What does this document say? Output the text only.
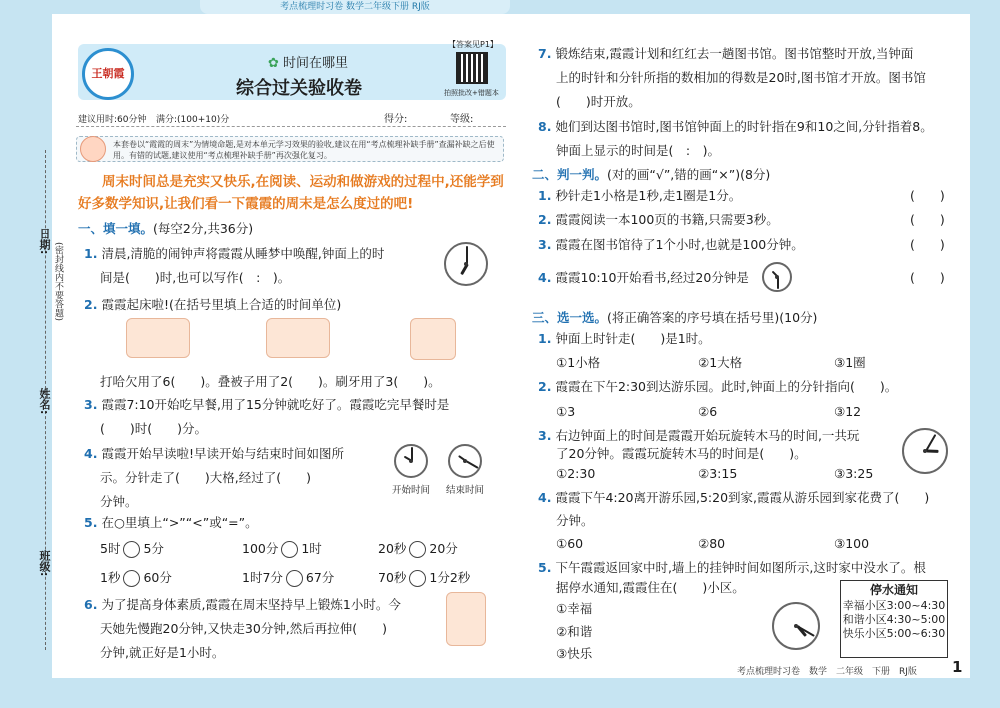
考点梳理时习卷 数学二年级下册 RJ版
王朝霞
✿ 时间在哪里
综合过关验收卷
【答案见P1】
拍照批改+错题本
建议用时:60分钟 满分:(100+10)分	得分:	等级:
本套卷以“霞霞的周末”为情境命题,是对本单元学习效果的验收,建议在用“考点梳理补缺手册”查漏补缺之后使用。有错的试题,建议使用“考点梳理补缺手册”再次强化复习。
日期:
(密封线内不要答题)
姓名:
班级:
周末时间总是充实又快乐,在阅读、运动和做游戏的过程中,还能学到
好多数学知识,让我们看一下霞霞的周末是怎么度过的吧!
一、填一填。(每空2分,共36分)
1. 清晨,清脆的闹钟声将霞霞从睡梦中唤醒,钟面上的时
间是(　　)时,也可以写作(　:　)。
2. 霞霞起床啦!(在括号里填上合适的时间单位)
打哈欠用了6(　　)。叠被子用了2(　　)。刷牙用了3(　　)。
3. 霞霞7:10开始吃早餐,用了15分钟就吃好了。霞霞吃完早餐时是
(　　)时(　　)分。
4. 霞霞开始早读啦!早读开始与结束时间如图所
示。分针走了(　　)大格,经过了(　　)
分钟。
开始时间 结束时间
5. 在○里填上“>”“<”或“=”。
5时 5分	100分 1时	20秒 20分
1秒 60分	1时7分 67分	70秒 1分2秒
6. 为了提高身体素质,霞霞在周末坚持早上锻炼1小时。今
天她先慢跑20分钟,又快走30分钟,然后再拉伸(　　)
分钟,就正好是1小时。
7. 锻炼结束,霞霞计划和红红去一趟图书馆。图书馆整时开放,当钟面
上的时针和分针所指的数相加的得数是20时,图书馆才开放。图书馆
(　　)时开放。
8. 她们到达图书馆时,图书馆钟面上的时针指在9和10之间,分针指着8。
钟面上显示的时间是(　:　)。
二、判一判。(对的画“√”,错的画“×”)(8分)
1. 秒针走1小格是1秒,走1圈是1分。	(　　)
2. 霞霞阅读一本100页的书籍,只需要3秒。	(　　)
3. 霞霞在图书馆待了1个小时,也就是100分钟。	(　　)
4. 霞霞10:10开始看书,经过20分钟是	(　　)
三、选一选。(将正确答案的序号填在括号里)(10分)
1. 钟面上时针走(　　)是1时。
①1小格	②1大格	③1圈
2. 霞霞在下午2:30到达游乐园。此时,钟面上的分针指向(　　)。
①3	②6	③12
3. 右边钟面上的时间是霞霞开始玩旋转木马的时间,一共玩
了20分钟。霞霞玩旋转木马的时间是(　　)。
①2:30	②3:15	③3:25
4. 霞霞下午4:20离开游乐园,5:20到家,霞霞从游乐园到家花费了(　　)
分钟。
①60	②80	③100
5. 下午霞霞返回家中时,墙上的挂钟时间如图所示,这时家中没水了。根
据停水通知,霞霞住在(　　)小区。
①幸福
②和谐
③快乐
停水通知
幸福小区3:00~4:30
和谐小区4:30~5:00
快乐小区5:00~6:30
考点梳理时习卷　数学　二年级　下册　RJ版 1
